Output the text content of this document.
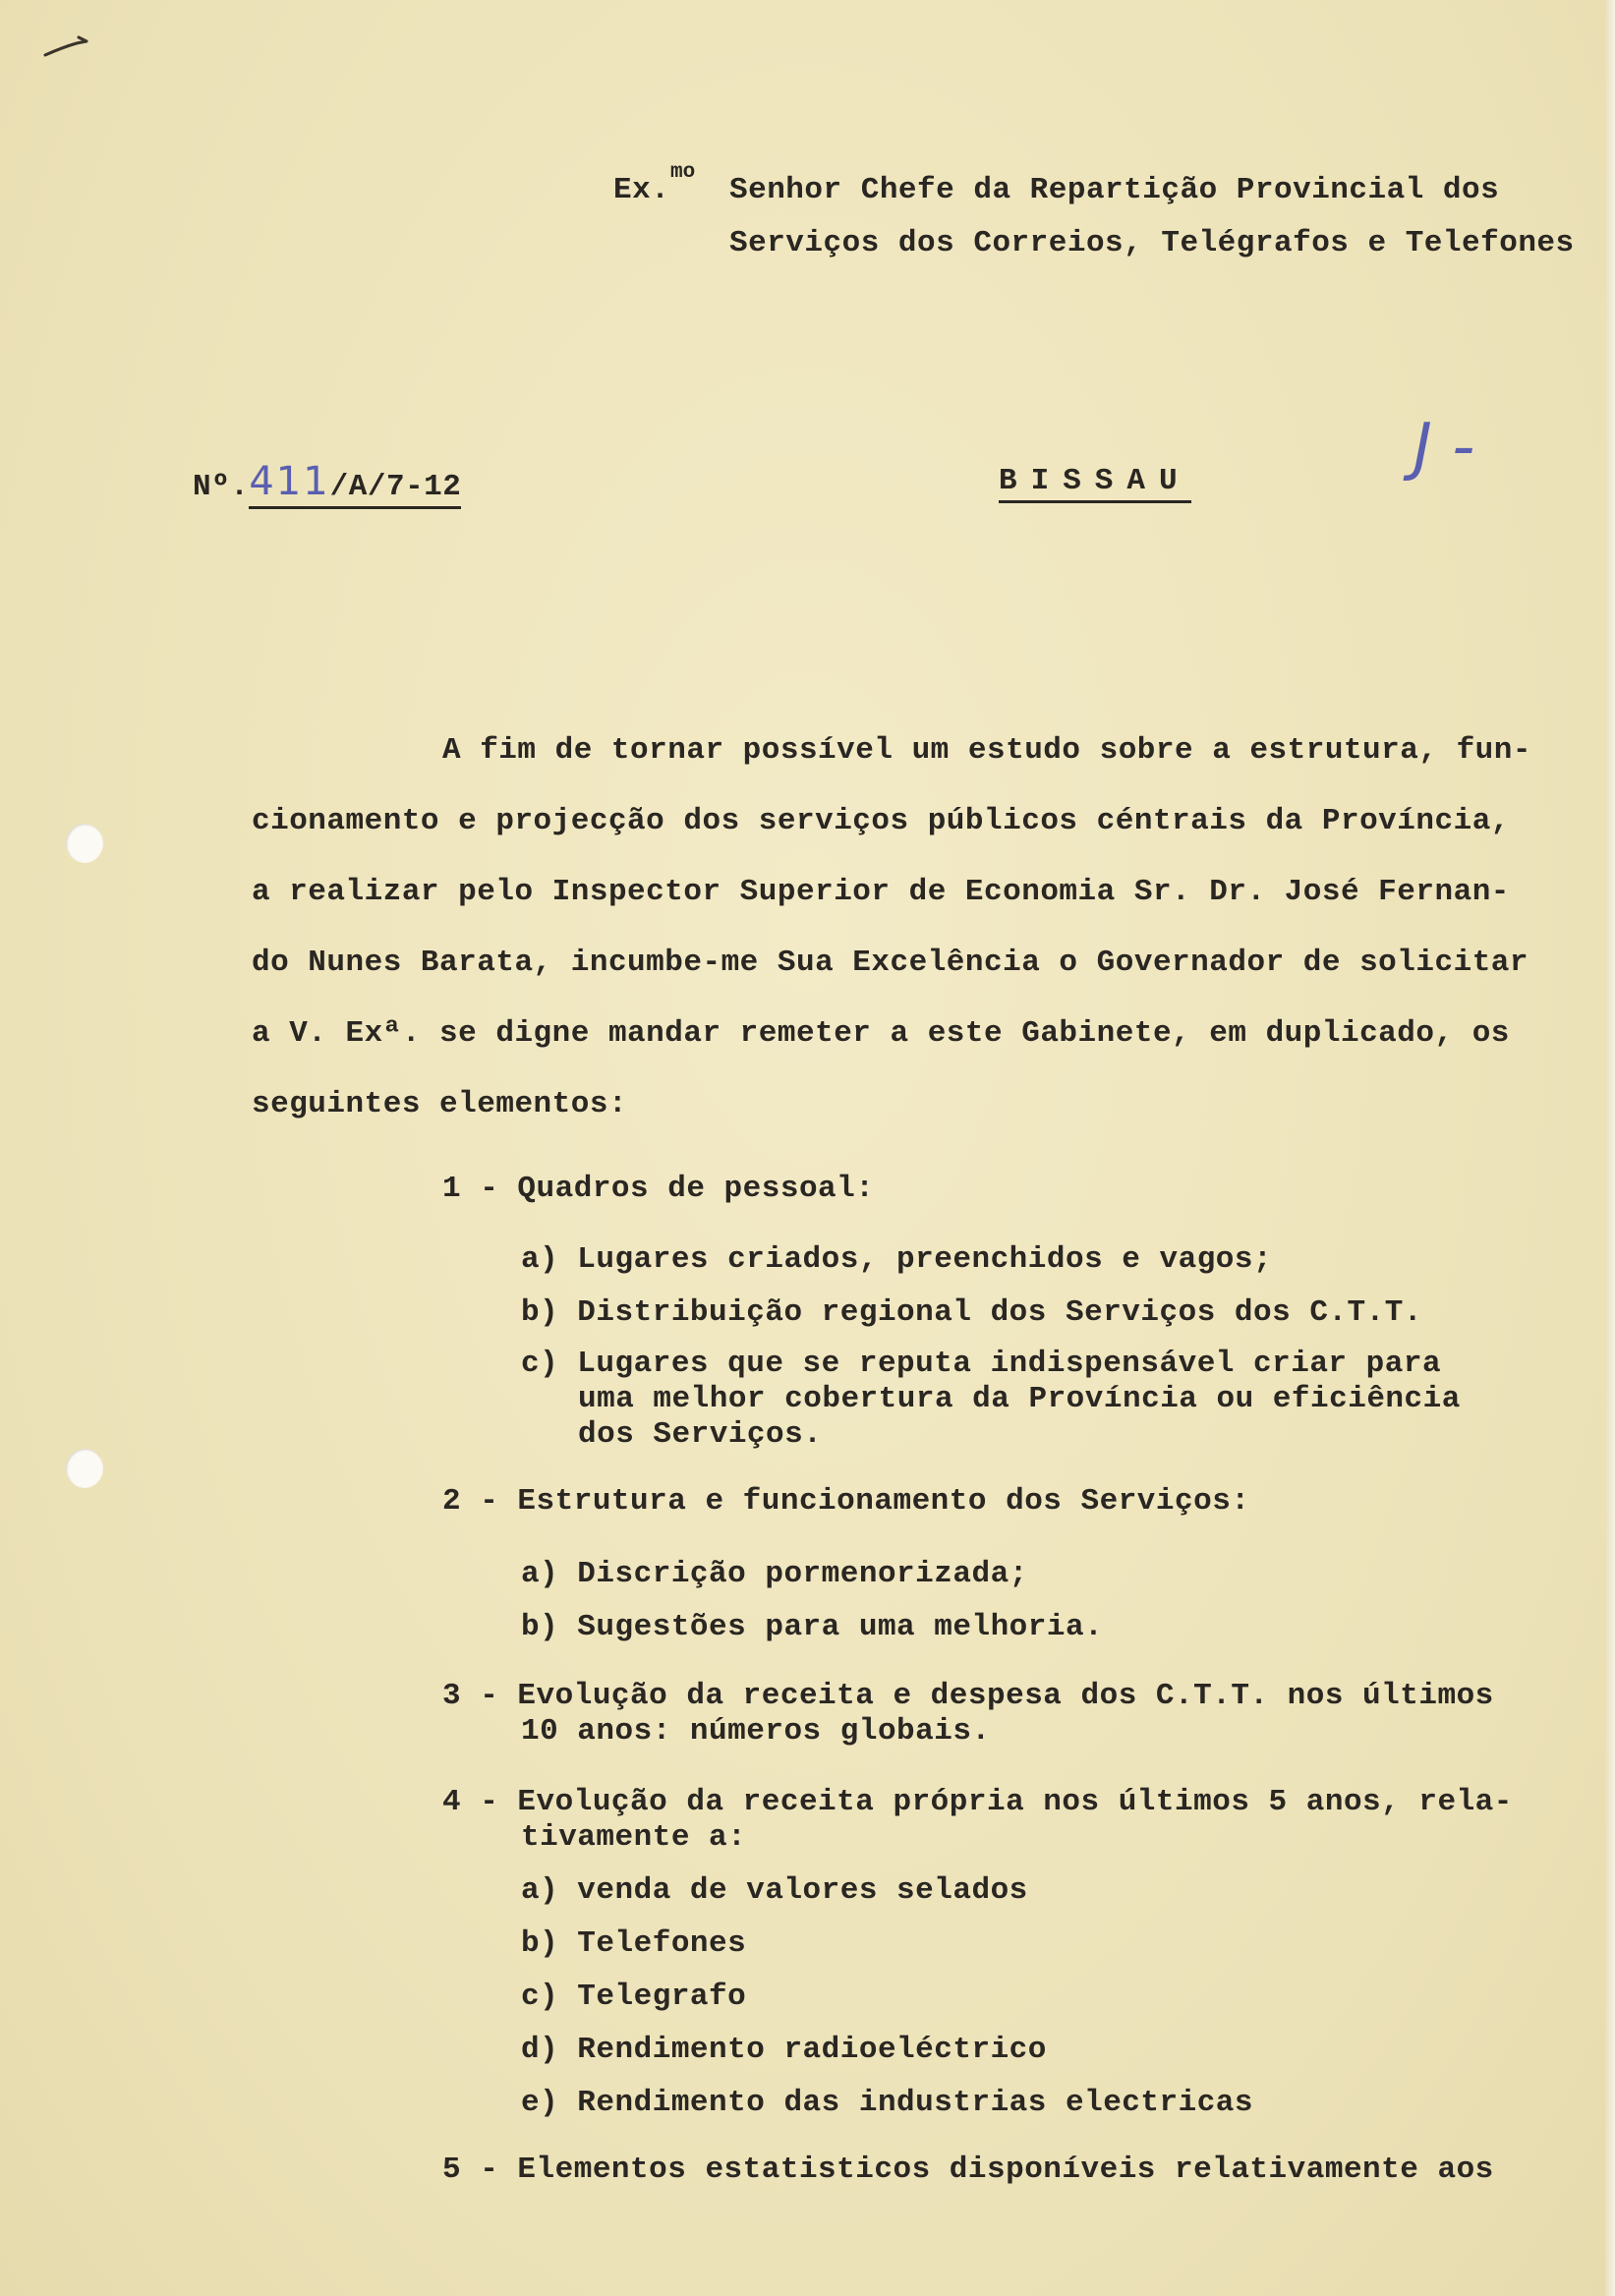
Ex.
mo
Senhor Chefe da Repartição Provincial dos
Serviços dos Correios, Telégrafos e Telefones
Nº.411/A/7-12	BISSAU	J -
A fim de tornar possível um estudo sobre a estrutura, fun-
cionamento e projecção dos serviços públicos céntrais da Província,
a realizar pelo Inspector Superior de Economia Sr. Dr. José Fernan-
do Nunes Barata, incumbe-me Sua Excelência o Governador de solicitar
a V. Exª. se digne mandar remeter a este Gabinete, em duplicado, os
seguintes elementos:
1 - Quadros de pessoal:
a) Lugares criados, preenchidos e vagos;
b) Distribuição regional dos Serviços dos C.T.T.
c) Lugares que se reputa indispensável criar para
uma melhor cobertura da Província ou eficiência
dos Serviços.
2 - Estrutura e funcionamento dos Serviços:
a) Discrição pormenorizada;
b) Sugestões para uma melhoria.
3 - Evolução da receita e despesa dos C.T.T. nos últimos
10 anos: números globais.
4 - Evolução da receita própria nos últimos 5 anos, rela-
tivamente a:
a) venda de valores selados
b) Telefones
c) Telegrafo
d) Rendimento radioeléctrico
e) Rendimento das industrias electricas
5 - Elementos estatisticos disponíveis relativamente aos
